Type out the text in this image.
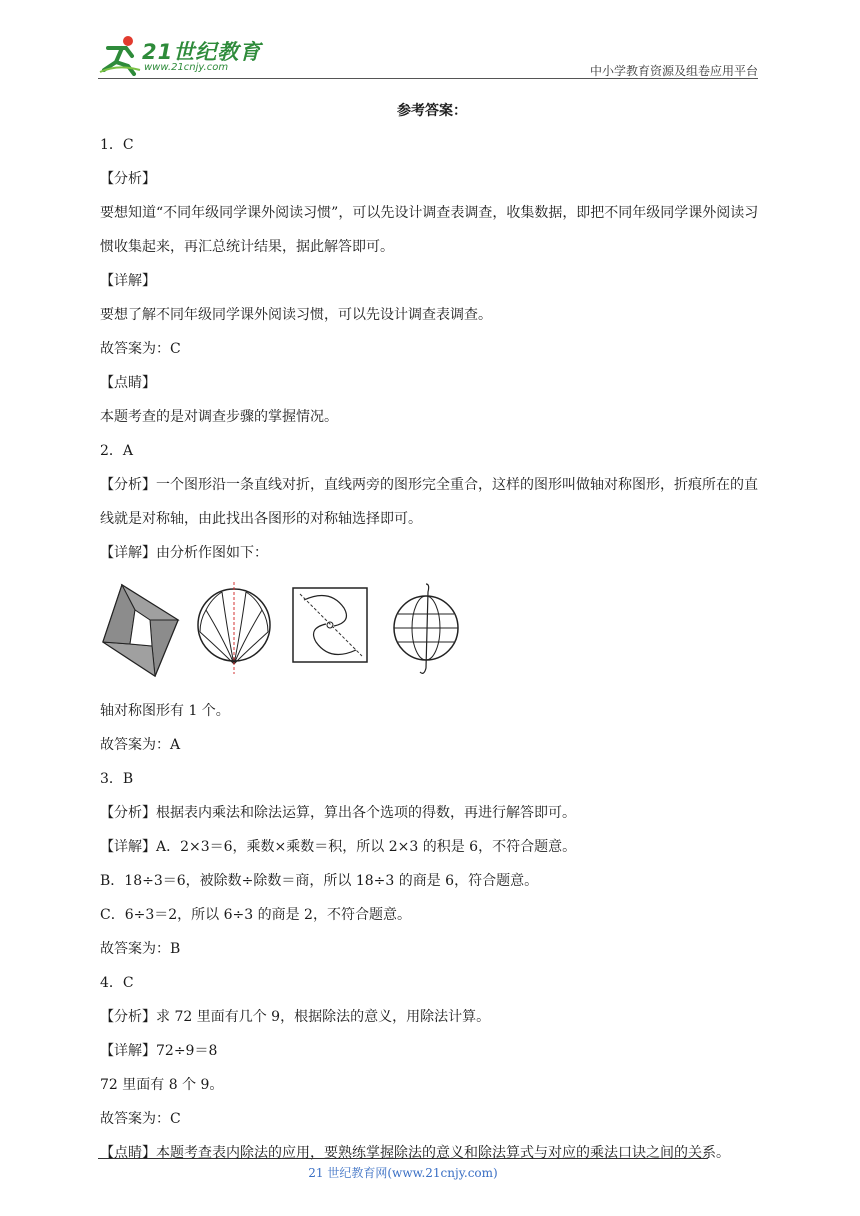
21世纪教育
www.21cnjy.com	中小学教育资源及组卷应用平台
参考答案：
1．C
【分析】
要想知道“不同年级同学课外阅读习惯”，可以先设计调查表调查，收集数据，即把不同年级同学课外阅读习惯收集起来，再汇总统计结果，据此解答即可。
【详解】
要想了解不同年级同学课外阅读习惯，可以先设计调查表调查。
故答案为：C
【点睛】
本题考查的是对调查步骤的掌握情况。
2．A
【分析】一个图形沿一条直线对折，直线两旁的图形完全重合，这样的图形叫做轴对称图形，折痕所在的直线就是对称轴，由此找出各图形的对称轴选择即可。
【详解】由分析作图如下：
轴对称图形有 1 个。
故答案为：A
3．B
【分析】根据表内乘法和除法运算，算出各个选项的得数，再进行解答即可。
【详解】A．2×3＝6，乘数×乘数＝积，所以 2×3 的积是 6，不符合题意。
B．18÷3＝6，被除数÷除数＝商，所以 18÷3 的商是 6，符合题意。
C．6÷3＝2，所以 6÷3 的商是 2，不符合题意。
故答案为：B
4．C
【分析】求 72 里面有几个 9，根据除法的意义，用除法计算。
【详解】72÷9＝8
72 里面有 8 个 9。
故答案为：C
【点睛】本题考查表内除法的应用，要熟练掌握除法的意义和除法算式与对应的乘法口诀之间的关系。
21 世纪教育网(www.21cnjy.com)
